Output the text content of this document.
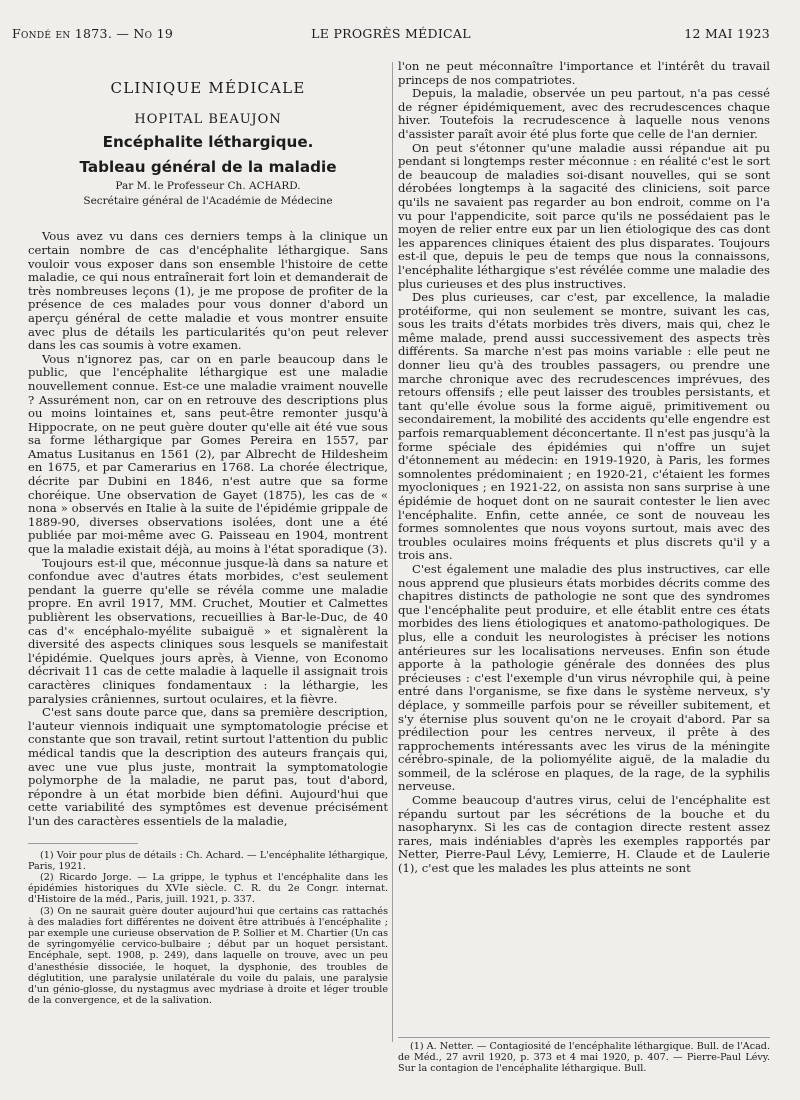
Fondé en 1873. — No 19	LE PROGRÈS MÉDICAL	12 MAI 1923
CLINIQUE MÉDICALE
HOPITAL BEAUJON
Encéphalite léthargique.
Tableau général de la maladie
Par M. le Professeur Ch. ACHARD.
Secrétaire général de l'Académie de Médecine

Vous avez vu dans ces derniers temps à la clinique un certain nombre de cas d'encéphalite léthargique. Sans vouloir vous exposer dans son ensemble l'histoire de cette maladie, ce qui nous entraînerait fort loin et demanderait de très nombreuses leçons (1), je me propose de profiter de la présence de ces malades pour vous donner d'abord un aperçu général de cette maladie et vous montrer ensuite avec plus de détails les particularités qu'on peut relever dans les cas soumis à votre examen.

Vous n'ignorez pas, car on en parle beaucoup dans le public, que l'encéphalite léthargique est une maladie nouvellement connue. Est-ce une maladie vraiment nouvelle ? Assurément non, car on en retrouve des descriptions plus ou moins lointaines et, sans peut-être remonter jusqu'à Hippocrate, on ne peut guère douter qu'elle ait été vue sous sa forme léthargique par Gomes Pereira en 1557, par Amatus Lusitanus en 1561 (2), par Albrecht de Hildesheim en 1675, et par Camerarius en 1768. La chorée électrique, décrite par Dubini en 1846, n'est autre que sa forme choréique. Une observation de Gayet (1875), les cas de « nona » observés en Italie à la suite de l'épidémie grippale de 1889-90, diverses observations isolées, dont une a été publiée par moi-même avec G. Paisseau en 1904, montrent que la maladie existait déjà, au moins à l'état sporadique (3).

Toujours est-il que, méconnue jusque-là dans sa nature et confondue avec d'autres états morbides, c'est seulement pendant la guerre qu'elle se révéla comme une maladie propre. En avril 1917, MM. Cruchet, Moutier et Calmettes publièrent les observations, recueillies à Bar-le-Duc, de 40 cas d'« encéphalo-myélite subaiguë » et signalèrent la diversité des aspects cliniques sous lesquels se manifestait l'épidémie. Quelques jours après, à Vienne, von Economo décrivait 11 cas de cette maladie à laquelle il assignait trois caractères cliniques fondamentaux : la léthargie, les paralysies crâniennes, surtout oculaires, et la fièvre.

C'est sans doute parce que, dans sa première description, l'auteur viennois indiquait une symptomatologie précise et constante que son travail, retint surtout l'attention du public médical tandis que la description des auteurs français qui, avec une vue plus juste, montrait la symptomatologie polymorphe de la maladie, ne parut pas, tout d'abord, répondre à un état morbide bien défini. Aujourd'hui que cette variabilité des symptômes est devenue précisément l'un des caractères essentiels de la maladie,

(1) Voir pour plus de détails : Ch. Achard. — L'encéphalite léthargique, Paris, 1921.

(2) Ricardo Jorge. — La grippe, le typhus et l'encéphalite dans les épidémies historiques du XVIe siècle. C. R. du 2e Congr. internat. d'Histoire de la méd., Paris, juill. 1921, p. 337.

(3) On ne saurait guère douter aujourd'hui que certains cas rattachés à des maladies fort différentes ne doivent être attribués à l'encéphalite ; par exemple une curieuse observation de P. Sollier et M. Chartier (Un cas de syringomyélie cervico-bulbaire ; début par un hoquet persistant. Encéphale, sept. 1908, p. 249), dans laquelle on trouve, avec un peu d'anesthésie dissociée, le hoquet, la dysphonie, des troubles de déglutition, une paralysie unilatérale du voile du palais, une paralysie d'un génio-glosse, du nystagmus avec mydriase à droite et léger trouble de la convergence, et de la salivation.

l'on ne peut méconnaître l'importance et l'intérêt du travail princeps de nos compatriotes.

Depuis, la maladie, observée un peu partout, n'a pas cessé de régner épidémiquement, avec des recrudescences chaque hiver. Toutefois la recrudescence à laquelle nous venons d'assister paraît avoir été plus forte que celle de l'an dernier.

On peut s'étonner qu'une maladie aussi répandue ait pu pendant si longtemps rester méconnue : en réalité c'est le sort de beaucoup de maladies soi-disant nouvelles, qui se sont dérobées longtemps à la sagacité des cliniciens, soit parce qu'ils ne savaient pas regarder au bon endroit, comme on l'a vu pour l'appendicite, soit parce qu'ils ne possédaient pas le moyen de relier entre eux par un lien étiologique des cas dont les apparences cliniques étaient des plus disparates. Toujours est-il que, depuis le peu de temps que nous la connaissons, l'encéphalite léthargique s'est révélée comme une maladie des plus curieuses et des plus instructives.

Des plus curieuses, car c'est, par excellence, la maladie protéiforme, qui non seulement se montre, suivant les cas, sous les traits d'états morbides très divers, mais qui, chez le même malade, prend aussi successivement des aspects très différents. Sa marche n'est pas moins variable : elle peut ne donner lieu qu'à des troubles passagers, ou prendre une marche chronique avec des recrudescences imprévues, des retours offensifs ; elle peut laisser des troubles persistants, et tant qu'elle évolue sous la forme aiguë, primitivement ou secondairement, la mobilité des accidents qu'elle engendre est parfois remarquablement déconcertante. Il n'est pas jusqu'à la forme spéciale des épidémies qui n'offre un sujet d'étonnement au médecin: en 1919-1920, à Paris, les formes somnolentes prédominaient ; en 1920-21, c'étaient les formes myocloniques ; en 1921-22, on assista non sans surprise à une épidémie de hoquet dont on ne saurait contester le lien avec l'encéphalite. Enfin, cette année, ce sont de nouveau les formes somnolentes que nous voyons surtout, mais avec des troubles oculaires moins fréquents et plus discrets qu'il y a trois ans.

C'est également une maladie des plus instructives, car elle nous apprend que plusieurs états morbides décrits comme des chapitres distincts de pathologie ne sont que des syndromes que l'encéphalite peut produire, et elle établit entre ces états morbides des liens étiologiques et anatomo-pathologiques. De plus, elle a conduit les neurologistes à préciser les notions antérieures sur les localisations nerveuses. Enfin son étude apporte à la pathologie générale des données des plus précieuses : c'est l'exemple d'un virus névrophile qui, à peine entré dans l'organisme, se fixe dans le système nerveux, s'y déplace, y sommeille parfois pour se réveiller subitement, et s'y éternise plus souvent qu'on ne le croyait d'abord. Par sa prédilection pour les centres nerveux, il prête à des rapprochements intéressants avec les virus de la méningite cérébro-spinale, de la poliomyélite aiguë, de la maladie du sommeil, de la sclérose en plaques, de la rage, de la syphilis nerveuse.

Comme beaucoup d'autres virus, celui de l'encéphalite est répandu surtout par les sécrétions de la bouche et du nasopharynx. Si les cas de contagion directe restent assez rares, mais indéniables d'après les exemples rapportés par Netter, Pierre-Paul Lévy, Lemierre, H. Claude et de Laulerie (1), c'est que les malades les plus atteints ne sont

(1) A. Netter. — Contagiosité de l'encéphalite léthargique. Bull. de l'Acad. de Méd., 27 avril 1920, p. 373 et 4 mai 1920, p. 407. — Pierre-Paul Lévy. Sur la contagion de l'encéphalite léthargique. Bull.
